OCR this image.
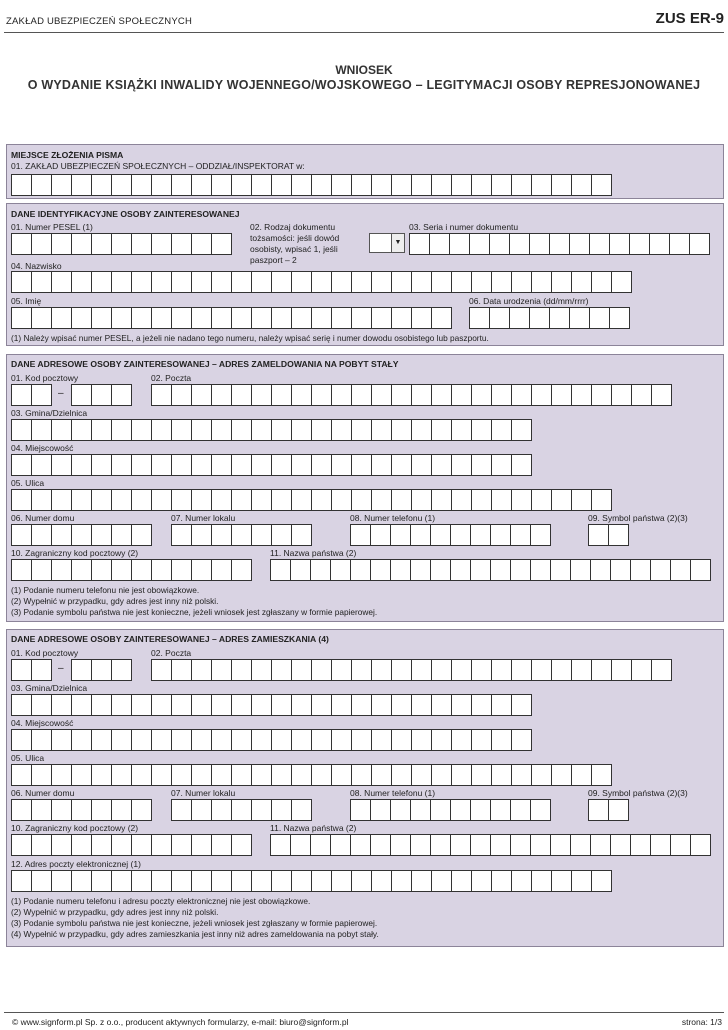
ZAKŁAD UBEZPIECZEŃ SPOŁECZNYCH	ZUS ER-9
WNIOSEK
O WYDANIE KSIĄŻKI INWALIDY WOJENNEGO/WOJSKOWEGO – LEGITYMACJI OSOBY REPRESJONOWANEJ
MIEJSCE ZŁOŻENIA PISMA
01. ZAKŁAD UBEZPIECZEŃ SPOŁECZNYCH – ODDZIAŁ/INSPEKTORAT w:
DANE IDENTYFIKACYJNE OSOBY ZAINTERESOWANEJ
01. Numer PESEL (1)	02. Rodzaj dokumentu
tożsamości: jeśli dowód
osobisty, wpisać 1, jeśli
paszport – 2
▼
03. Seria i numer dokumentu
04. Nazwisko
05. Imię	06. Data urodzenia (dd/mm/rrrr)
(1) Należy wpisać numer PESEL, a jeżeli nie nadano tego numeru, należy wpisać serię i numer dowodu osobistego lub paszportu.
DANE ADRESOWE OSOBY ZAINTERESOWANEJ – ADRES ZAMELDOWANIA NA POBYT STAŁY
01. Kod pocztowy
–
02. Poczta
03. Gmina/Dzielnica
04. Miejscowość
05. Ulica
06. Numer domu	07. Numer lokalu	08. Numer telefonu (1)	09. Symbol państwa (2)(3)
10. Zagraniczny kod pocztowy (2)	11. Nazwa państwa (2)
(1) Podanie numeru telefonu nie jest obowiązkowe.
(2) Wypełnić w przypadku, gdy adres jest inny niż polski.
(3) Podanie symbolu państwa nie jest konieczne, jeżeli wniosek jest zgłaszany w formie papierowej.
DANE ADRESOWE OSOBY ZAINTERESOWANEJ – ADRES ZAMIESZKANIA (4)
01. Kod pocztowy
–
02. Poczta
03. Gmina/Dzielnica
04. Miejscowość
05. Ulica
06. Numer domu	07. Numer lokalu	08. Numer telefonu (1)	09. Symbol państwa (2)(3)
10. Zagraniczny kod pocztowy (2)	11. Nazwa państwa (2)
12. Adres poczty elektronicznej (1)
(1) Podanie numeru telefonu i adresu poczty elektronicznej nie jest obowiązkowe.
(2) Wypełnić w przypadku, gdy adres jest inny niż polski.
(3) Podanie symbolu państwa nie jest konieczne, jeżeli wniosek jest zgłaszany w formie papierowej.
(4) Wypełnić w przypadku, gdy adres zamieszkania jest inny niż adres zameldowania na pobyt stały.
© www.signform.pl Sp. z o.o., producent aktywnych formularzy, e-mail: biuro@signform.pl	strona: 1/3
